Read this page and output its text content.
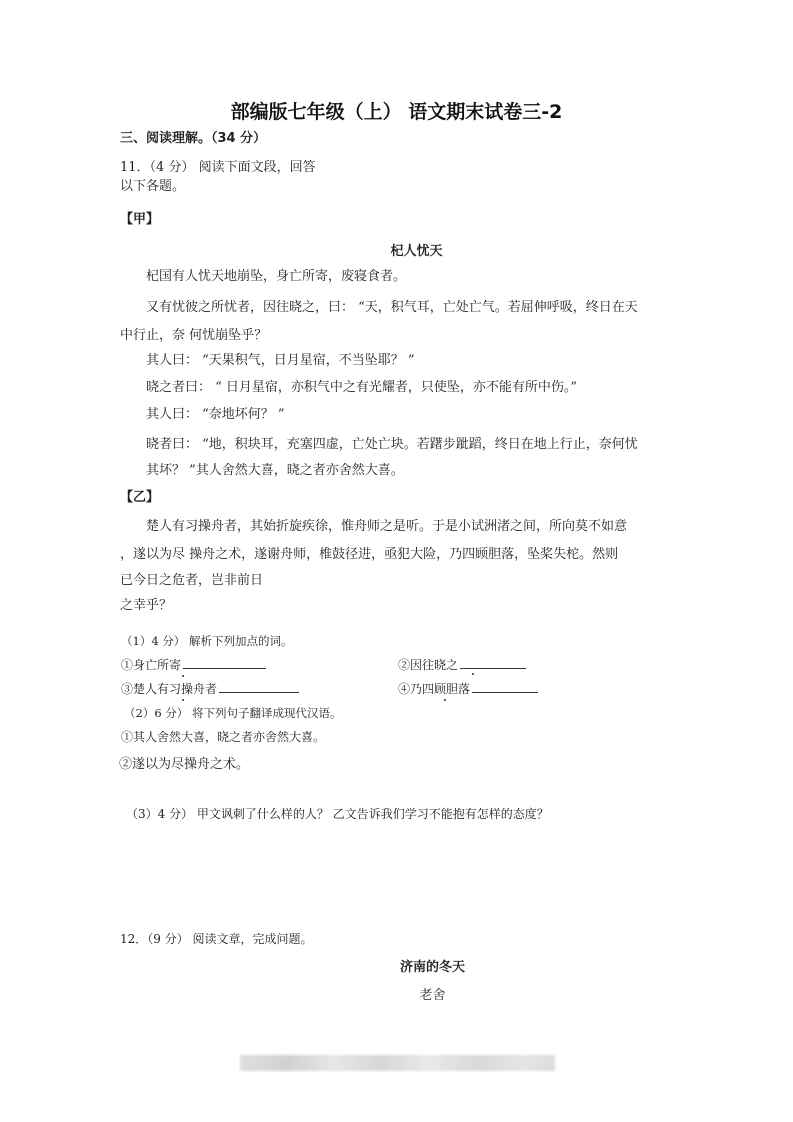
部编版七年级（上） 语文期末试卷三-2
三、阅读理解。（34 分）
11．（4 分） 阅读下面文段，回答
以下各题。
【甲】
杞人忧天
杞国有人忧天地崩坠，身亡所寄，废寝食者。
又有忧彼之所忧者，因往晓之，曰： “天，积气耳，亡处亡气。若屈伸呼吸，终日在天
中行止，奈 何忧崩坠乎？
其人曰： “天果积气，日月星宿，不当坠耶？ ”
晓之者曰： “ 日月星宿，亦积气中之有光耀者，只使坠，亦不能有所中伤。”
其人曰： “奈地坏何？ ”
晓者曰： “地，积块耳，充塞四虚，亡处亡块。若躇步跐蹈，终日在地上行止，奈何忧
其坏？ ”其人舍然大喜，晓之者亦舍然大喜。
【乙】
楚人有习操舟者，其始折旋疾徐，惟舟师之是听。于是小试洲渚之间，所向莫不如意
，遂以为尽 操舟之术，遂谢舟师，椎鼓径进，亟犯大险，乃四顾胆落，坠桨失柁。然则
已今日之危者，岂非前日
之幸乎？
（1）4 分） 解析下列加点的词。
①身亡所寄	②因往晓之
③楚人有习操舟者	④乃四顾胆落
（2）6 分） 将下列句子翻译成现代汉语。
①其人舍然大喜，晓之者亦舍然大喜。
②遂以为尽操舟之术。
（3）4 分） 甲文讽刺了什么样的人？ 乙文告诉我们学习不能抱有怎样的态度？
12．（9 分） 阅读文章，完成问题。
济南的冬天
老舍
